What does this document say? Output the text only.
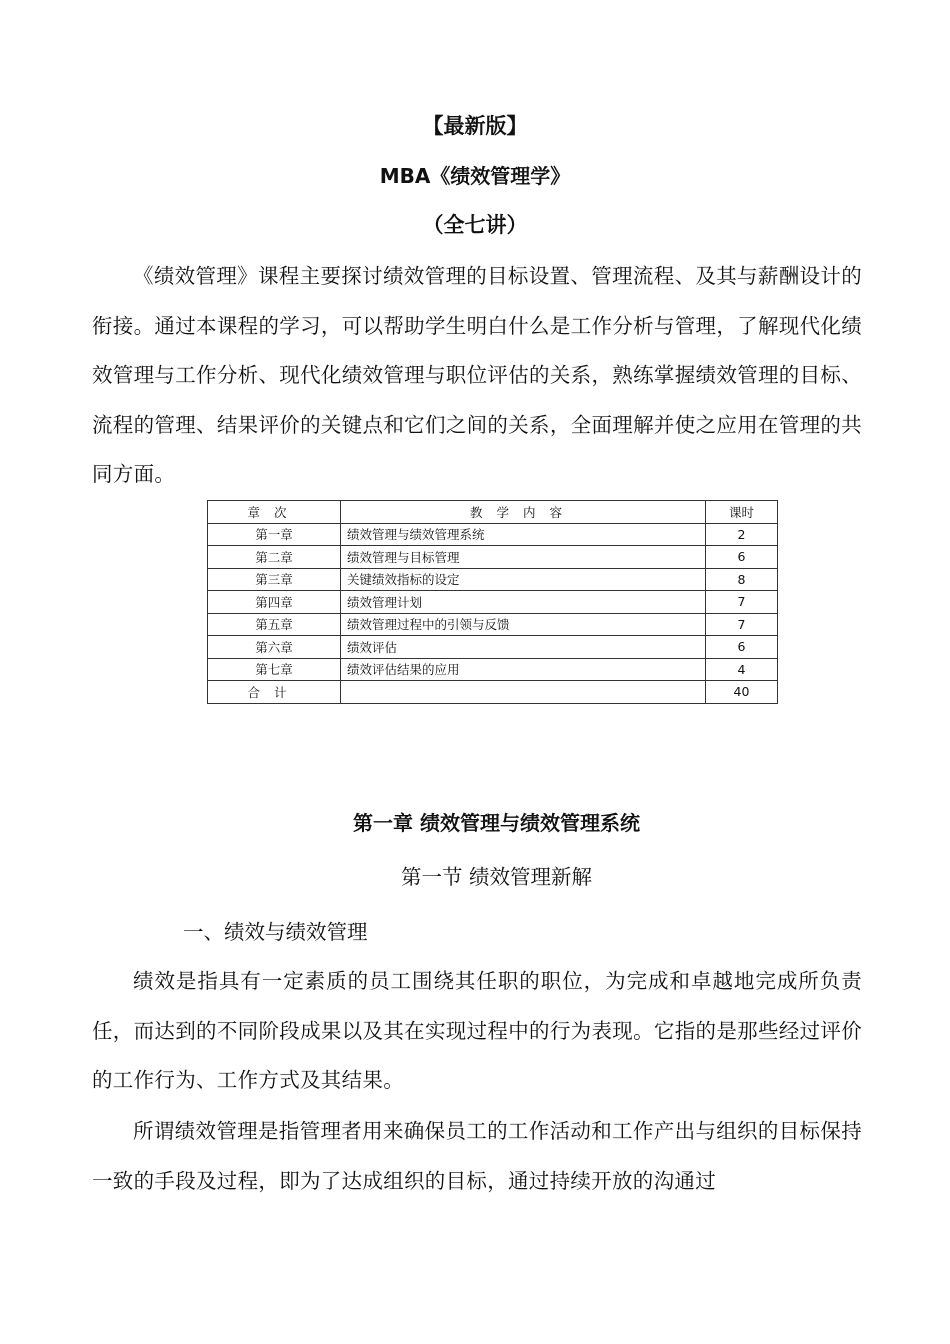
【最新版】
MBA《绩效管理学》
（全七讲）

《绩效管理》课程主要探讨绩效管理的目标设置、管理流程、及其与薪酬设计的衔接。通过本课程的学习，可以帮助学生明白什么是工作分析与管理，了解现代化绩效管理与工作分析、现代化绩效管理与职位评估的关系，熟练掌握绩效管理的目标、流程的管理、结果评价的关键点和它们之间的关系，全面理解并使之应用在管理的共同方面。

章次	教学内容	课时
第一章	绩效管理与绩效管理系统	2
第二章	绩效管理与目标管理	6
第三章	关键绩效指标的设定	8
第四章	绩效管理计划	7
第五章	绩效管理过程中的引领与反馈	7
第六章	绩效评估	6
第七章	绩效评估结果的应用	4
合计		40
第一章 绩效管理与绩效管理系统
第一节 绩效管理新解
一、绩效与绩效管理

绩效是指具有一定素质的员工围绕其任职的职位，为完成和卓越地完成所负责任，而达到的不同阶段成果以及其在实现过程中的行为表现。它指的是那些经过评价的工作行为、工作方式及其结果。

所谓绩效管理是指管理者用来确保员工的工作活动和工作产出与组织的目标保持一致的手段及过程，即为了达成组织的目标，通过持续开放的沟通过
